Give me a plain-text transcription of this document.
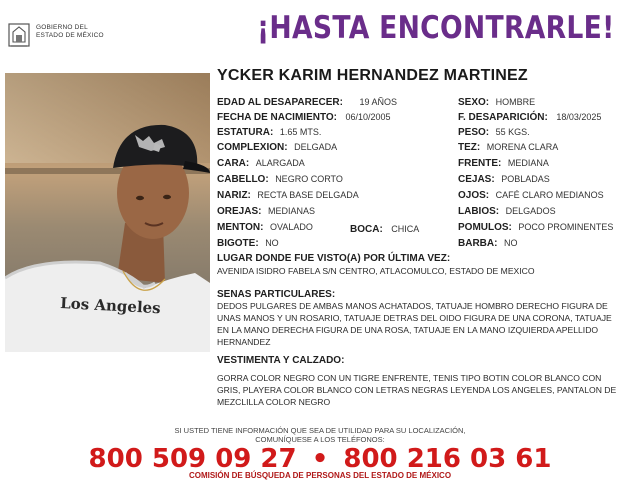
GOBIERNO DEL
ESTADO DE MÉXICO	¡HASTA ENCONTRARLE!
Los Angeles
YCKER KARIM HERNANDEZ MARTINEZ
EDAD AL DESAPARECER: 19 AÑOS
FECHA DE NACIMIENTO: 06/10/2005
ESTATURA: 1.65 MTS.
COMPLEXION: DELGADA
CARA: ALARGADA
CABELLO: NEGRO CORTO
NARIZ: RECTA BASE DELGADA
OREJAS: MEDIANAS
MENTON: OVALADO	BOCA: CHICA
BIGOTE: NO
SEXO: HOMBRE
F. DESAPARICIÓN: 18/03/2025
PESO: 55 KGS.
TEZ: MORENA CLARA
FRENTE: MEDIANA
CEJAS: POBLADAS
OJOS: CAFÉ CLARO MEDIANOS
LABIOS: DELGADOS
POMULOS: POCO PROMINENTES
BARBA: NO
LUGAR DONDE FUE VISTO(A) POR ÚLTIMA VEZ:
AVENIDA ISIDRO FABELA S/N CENTRO, ATLACOMULCO, ESTADO DE MEXICO
SENAS PARTICULARES:
DEDOS PULGARES DE AMBAS MANOS ACHATADOS, TATUAJE HOMBRO DERECHO FIGURA DE UNAS MANOS Y UN ROSARIO, TATUAJE DETRAS DEL OIDO FIGURA DE UNA CORONA, TATUAJE EN LA MANO DERECHA FIGURA DE UNA ROSA, TATUAJE EN LA MANO IZQUIERDA APELLIDO HERNANDEZ
VESTIMENTA Y CALZADO:
GORRA COLOR NEGRO CON UN TIGRE ENFRENTE, TENIS TIPO BOTIN COLOR BLANCO CON GRIS, PLAYERA COLOR BLANCO CON LETRAS NEGRAS LEYENDA LOS ANGELES, PANTALON DE MEZCLILLA COLOR NEGRO
SI USTED TIENE INFORMACIÓN QUE SEA DE UTILIDAD PARA SU LOCALIZACIÓN,
COMUNÍQUESE A LOS TELÉFONOS:
800 509 09 27 • 800 216 03 61
COMISIÓN DE BÚSQUEDA DE PERSONAS DEL ESTADO DE MÉXICO
